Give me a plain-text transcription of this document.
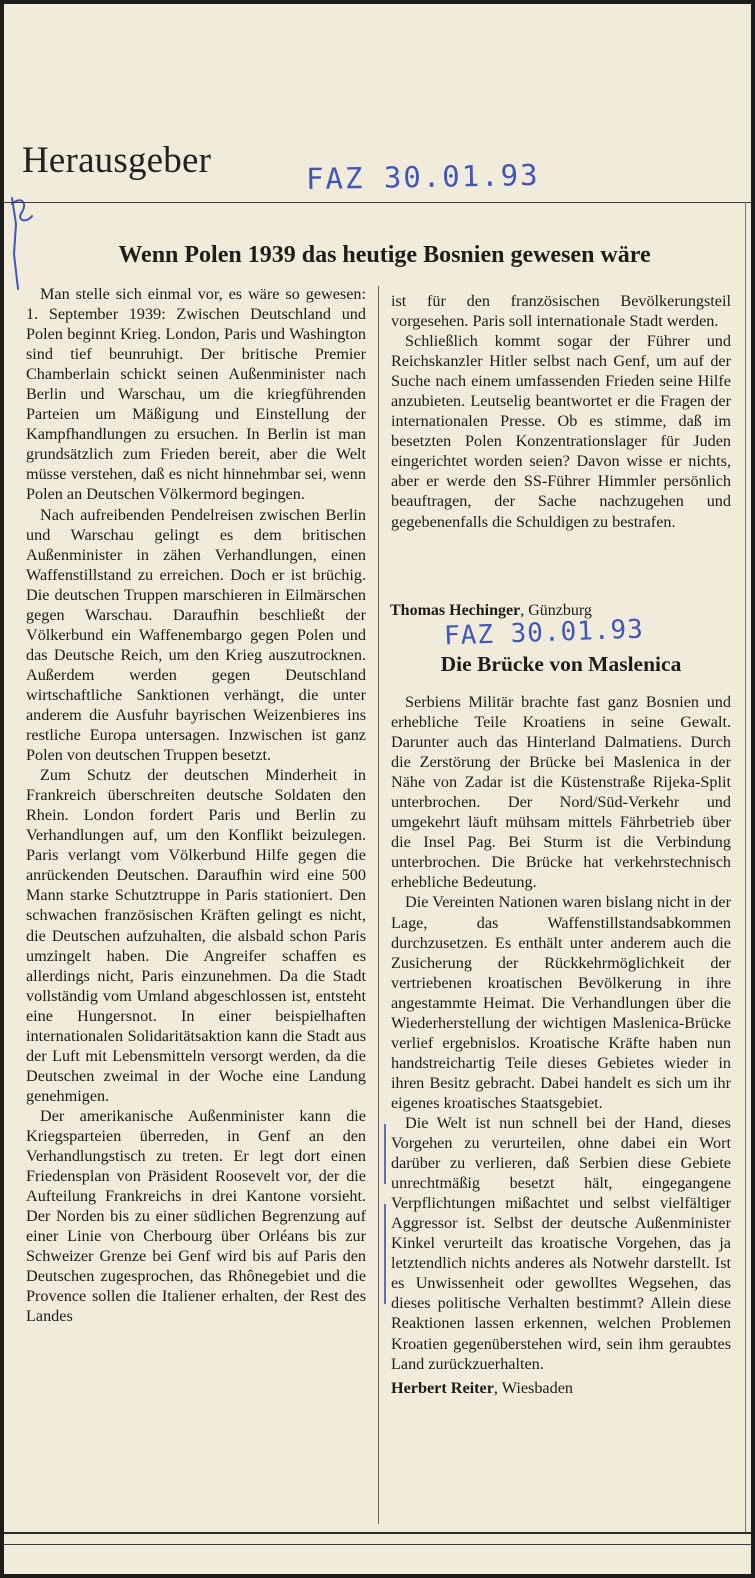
Herausgeber	FAZ 30.01.93
Wenn Polen 1939 das heutige Bosnien gewesen wäre

Man stelle sich einmal vor, es wäre so gewesen: 1. September 1939: Zwischen Deutschland und Polen beginnt Krieg. London, Paris und Washington sind tief beunruhigt. Der britische Premier Chamberlain schickt seinen Außenminister nach Berlin und Warschau, um die kriegführenden Parteien um Mäßigung und Einstellung der Kampfhandlungen zu ersuchen. In Berlin ist man grundsätzlich zum Frieden bereit, aber die Welt müsse verstehen, daß es nicht hinnehmbar sei, wenn Polen an Deutschen Völkermord begingen.

Nach aufreibenden Pendelreisen zwischen Berlin und Warschau gelingt es dem britischen Außenminister in zähen Verhandlungen, einen Waffenstillstand zu erreichen. Doch er ist brüchig. Die deutschen Truppen marschieren in Eilmärschen gegen Warschau. Daraufhin beschließt der Völkerbund ein Waffenembargo gegen Polen und das Deutsche Reich, um den Krieg auszutrocknen. Außerdem werden gegen Deutschland wirtschaftliche Sanktionen verhängt, die unter anderem die Ausfuhr bayrischen Weizenbieres ins restliche Europa untersagen. Inzwischen ist ganz Polen von deutschen Truppen besetzt.

Zum Schutz der deutschen Minderheit in Frankreich überschreiten deutsche Soldaten den Rhein. London fordert Paris und Berlin zu Verhandlungen auf, um den Konflikt beizulegen. Paris verlangt vom Völkerbund Hilfe gegen die anrückenden Deutschen. Daraufhin wird eine 500 Mann starke Schutztruppe in Paris stationiert. Den schwachen französischen Kräften gelingt es nicht, die Deutschen aufzuhalten, die alsbald schon Paris umzingelt haben. Die Angreifer schaffen es allerdings nicht, Paris einzunehmen. Da die Stadt vollständig vom Umland abgeschlossen ist, entsteht eine Hungersnot. In einer beispielhaften internationalen Solidaritätsaktion kann die Stadt aus der Luft mit Lebensmitteln versorgt werden, da die Deutschen zweimal in der Woche eine Landung genehmigen.

Der amerikanische Außenminister kann die Kriegsparteien überreden, in Genf an den Verhandlungstisch zu treten. Er legt dort einen Friedensplan von Präsident Roosevelt vor, der die Aufteilung Frankreichs in drei Kantone vorsieht. Der Norden bis zu einer südlichen Begrenzung auf einer Linie von Cherbourg über Orléans bis zur Schweizer Grenze bei Genf wird bis auf Paris den Deutschen zugesprochen, das Rhônegebiet und die Provence sollen die Italiener erhalten, der Rest des Landes

ist für den französischen Bevölkerungsteil vorgesehen. Paris soll internationale Stadt werden.

Schließlich kommt sogar der Führer und Reichskanzler Hitler selbst nach Genf, um auf der Suche nach einem umfassenden Frieden seine Hilfe anzubieten. Leutselig beantwortet er die Fragen der internationalen Presse. Ob es stimme, daß im besetzten Polen Konzentrationslager für Juden eingerichtet worden seien? Davon wisse er nichts, aber er werde den SS-Führer Himmler persönlich beauftragen, der Sache nachzugehen und gegebenenfalls die Schuldigen zu bestrafen.

Thomas Hechinger, Günzburg
FAZ 30.01.93
Die Brücke von Maslenica

Serbiens Militär brachte fast ganz Bosnien und erhebliche Teile Kroatiens in seine Gewalt. Darunter auch das Hinterland Dalmatiens. Durch die Zerstörung der Brücke bei Maslenica in der Nähe von Zadar ist die Küstenstraße Rijeka-Split unterbrochen. Der Nord/Süd-Verkehr und umgekehrt läuft mühsam mittels Fährbetrieb über die Insel Pag. Bei Sturm ist die Verbindung unterbrochen. Die Brücke hat verkehrstechnisch erhebliche Bedeutung.

Die Vereinten Nationen waren bislang nicht in der Lage, das Waffenstillstandsabkommen durchzusetzen. Es enthält unter anderem auch die Zusicherung der Rückkehrmöglichkeit der vertriebenen kroatischen Bevölkerung in ihre angestammte Heimat. Die Verhandlungen über die Wiederherstellung der wichtigen Maslenica-Brücke verlief ergebnislos. Kroatische Kräfte haben nun handstreichartig Teile dieses Gebietes wieder in ihren Besitz gebracht. Dabei handelt es sich um ihr eigenes kroatisches Staatsgebiet.

Die Welt ist nun schnell bei der Hand, dieses Vorgehen zu verurteilen, ohne dabei ein Wort darüber zu verlieren, daß Serbien diese Gebiete unrechtmäßig besetzt hält, eingegangene Verpflichtungen mißachtet und selbst vielfältiger Aggressor ist. Selbst der deutsche Außenminister Kinkel verurteilt das kroatische Vorgehen, das ja letztendlich nichts anderes als Notwehr darstellt. Ist es Unwissenheit oder gewolltes Wegsehen, das dieses politische Verhalten bestimmt? Allein diese Reaktionen lassen erkennen, welchen Problemen Kroatien gegenüberstehen wird, sein ihm geraubtes Land zurückzuerhalten.

Herbert Reiter, Wiesbaden
